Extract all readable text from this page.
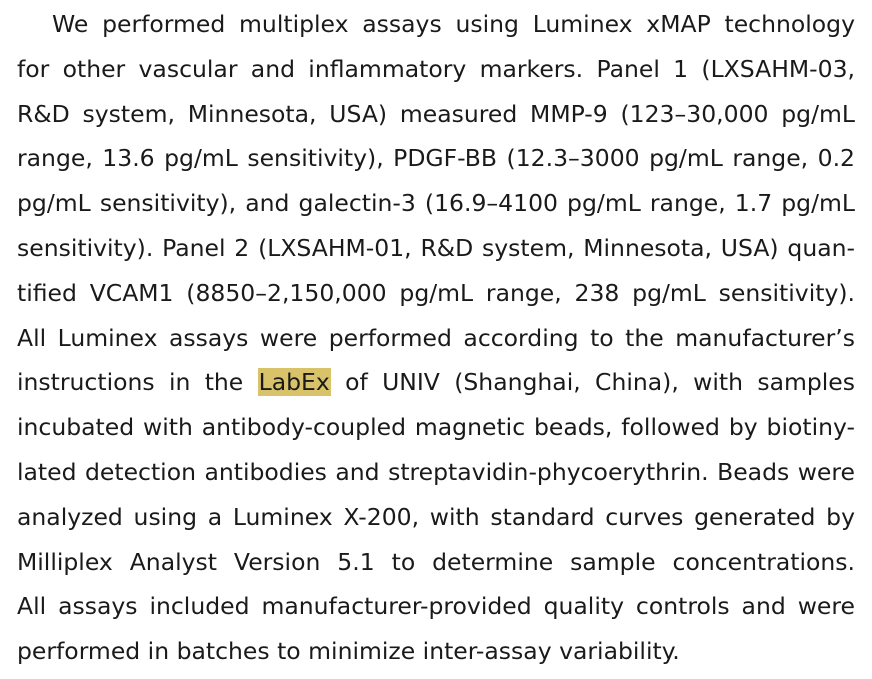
We performed multiplex assays using Luminex xMAP technology
for other vascular and inflammatory markers. Panel 1 (LXSAHM-03,
R&D system, Minnesota, USA) measured MMP-9 (123–30,000 pg/mL
range, 13.6 pg/mL sensitivity), PDGF-BB (12.3–3000 pg/mL range, 0.2
pg/mL sensitivity), and galectin-3 (16.9–4100 pg/mL range, 1.7 pg/mL
sensitivity). Panel 2 (LXSAHM-01, R&D system, Minnesota, USA) quan-
tified VCAM1 (8850–2,150,000 pg/mL range, 238 pg/mL sensitivity).
All Luminex assays were performed according to the manufacturer’s
instructions in the LabEx of UNIV (Shanghai, China), with samples
incubated with antibody-coupled magnetic beads, followed by biotiny-
lated detection antibodies and streptavidin-phycoerythrin. Beads were
analyzed using a Luminex X-200, with standard curves generated by
Milliplex Analyst Version 5.1 to determine sample concentrations.
All assays included manufacturer-provided quality controls and were
performed in batches to minimize inter-assay variability.
